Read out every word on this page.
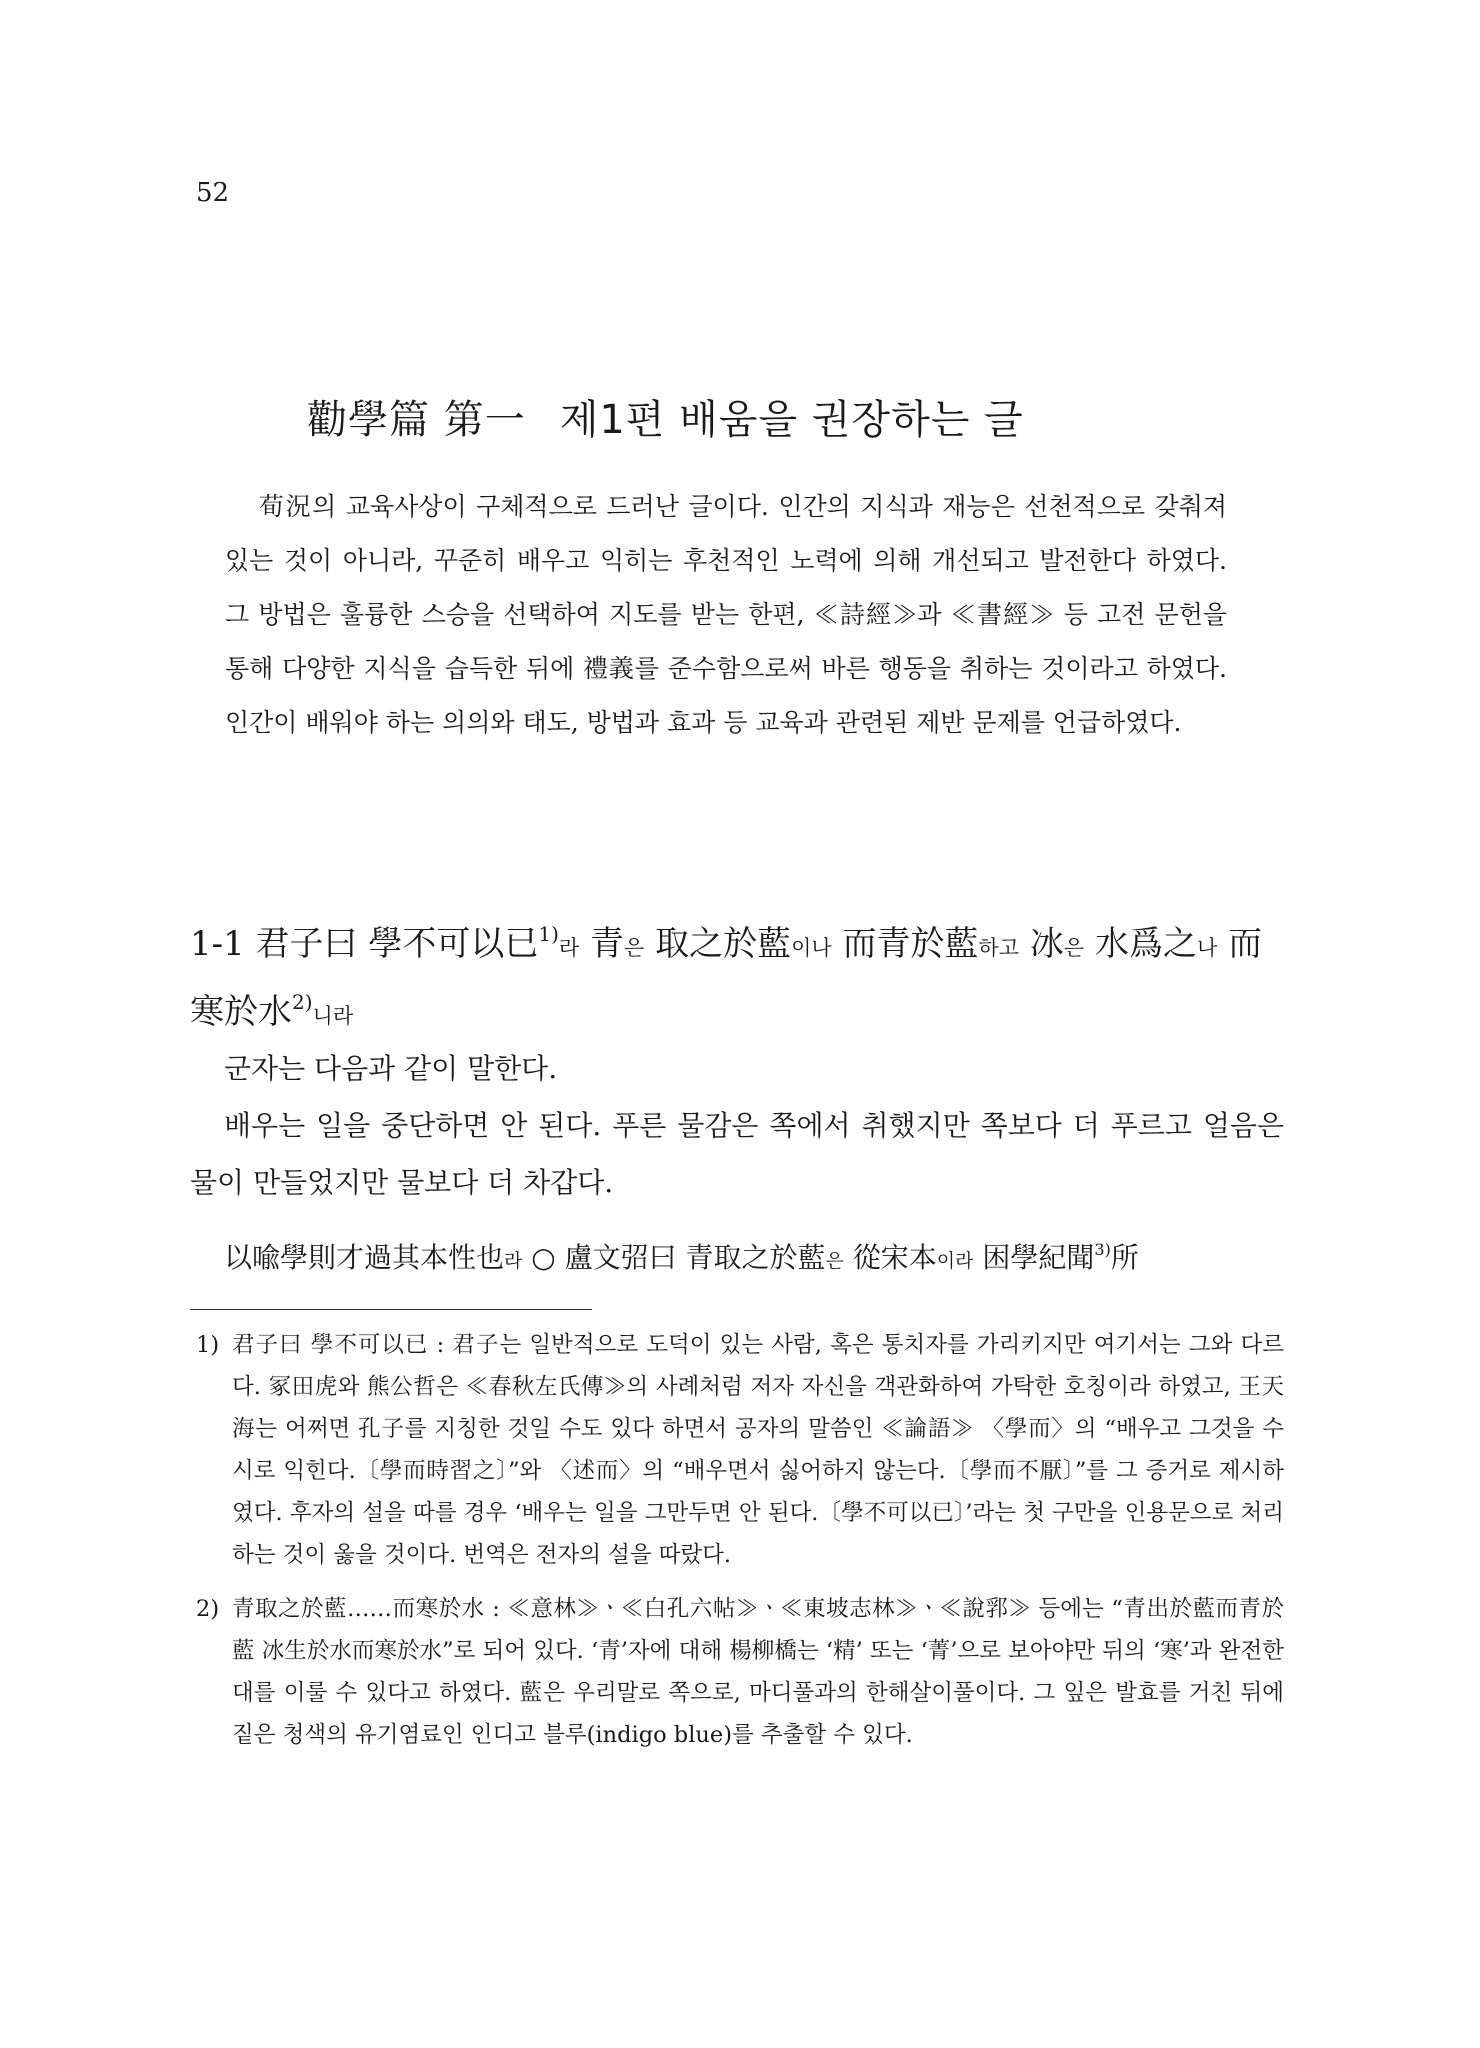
52
勸學篇 第一 제1편 배움을 권장하는 글

荀況의 교육사상이 구체적으로 드러난 글이다. 인간의 지식과 재능은 선천적으로 갖춰져 있는 것이 아니라, 꾸준히 배우고 익히는 후천적인 노력에 의해 개선되고 발전한다 하였다. 그 방법은 훌륭한 스승을 선택하여 지도를 받는 한편, ≪詩經≫과 ≪書經≫ 등 고전 문헌을 통해 다양한 지식을 습득한 뒤에 禮義를 준수함으로써 바른 행동을 취하는 것이라고 하였다. 인간이 배워야 하는 의의와 태도, 방법과 효과 등 교육과 관련된 제반 문제를 언급하였다.

1-1 君子曰 學不可以已$^{1)}$라 青은 取之於藍이나 而青於藍하고 冰은 水爲之나 而寒於水$^{2)}$니라

군자는 다음과 같이 말한다.

배우는 일을 중단하면 안 된다. 푸른 물감은 쪽에서 취했지만 쪽보다 더 푸르고 얼음은 물이 만들었지만 물보다 더 차갑다.

以喩學則才過其本性也라 ○ 盧文弨曰 青取之於藍은 從宋本이라 困學紀聞$^{3)}$所
1) 君子曰 學不可以已 : 君子는 일반적으로 도덕이 있는 사람, 혹은 통치자를 가리키지만 여기서는 그와 다르다. 冢田虎와 熊公哲은 ≪春秋左氏傳≫의 사례처럼 저자 자신을 객관화하여 가탁한 호칭이라 하였고, 王天海는 어쩌면 孔子를 지칭한 것일 수도 있다 하면서 공자의 말씀인 ≪論語≫ 〈學而〉의 “배우고 그것을 수시로 익힌다.〔學而時習之〕”와 〈述而〉의 “배우면서 싫어하지 않는다.〔學而不厭〕”를 그 증거로 제시하였다. 후자의 설을 따를 경우 ‘배우는 일을 그만두면 안 된다.〔學不可以已〕’라는 첫 구만을 인용문으로 처리하는 것이 옳을 것이다. 번역은 전자의 설을 따랐다.
2) 青取之於藍……而寒於水 : ≪意林≫ㆍ≪白孔六帖≫ㆍ≪東坡志林≫ㆍ≪說郛≫ 등에는 “青出於藍而青於藍 冰生於水而寒於水”로 되어 있다. ‘青’자에 대해 楊柳橋는 ‘精’ 또는 ‘菁’으로 보아야만 뒤의 ‘寒’과 완전한 대를 이룰 수 있다고 하였다. 藍은 우리말로 쪽으로, 마디풀과의 한해살이풀이다. 그 잎은 발효를 거친 뒤에 짙은 청색의 유기염료인 인디고 블루(indigo blue)를 추출할 수 있다.
